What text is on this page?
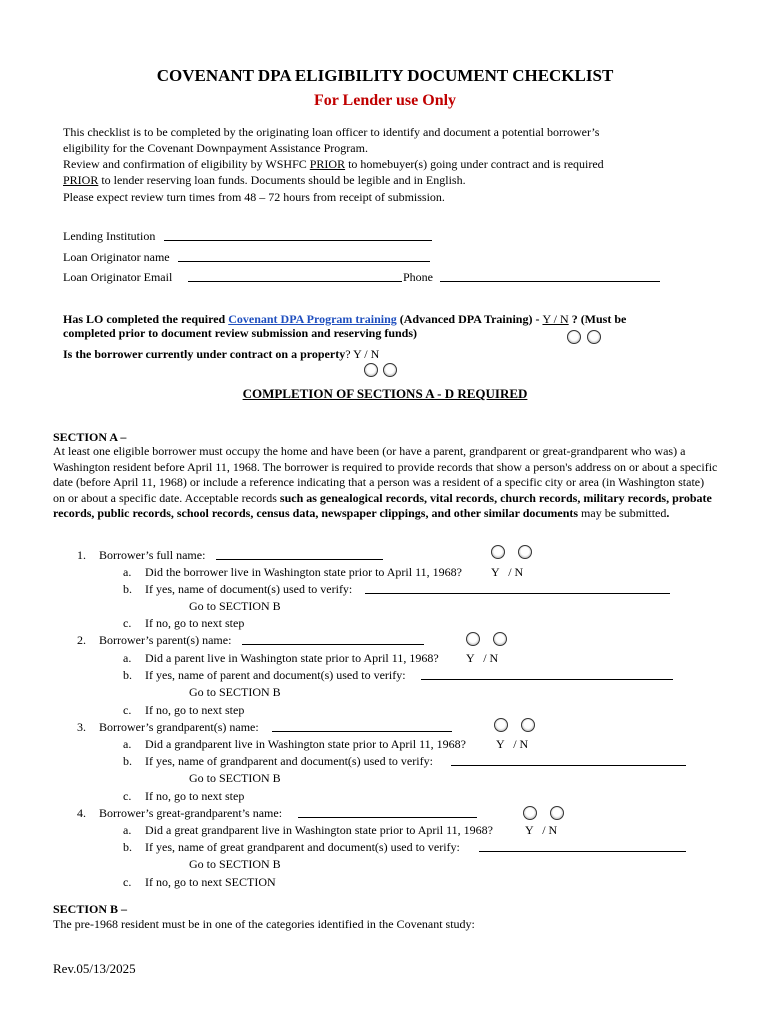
COVENANT DPA ELIGIBILITY DOCUMENT CHECKLIST
For Lender use Only
This checklist is to be completed by the originating loan officer to identify and document a potential borrower’s
eligibility for the Covenant Downpayment Assistance Program.
Review and confirmation of eligibility by WSHFC PRIOR to homebuyer(s) going under contract and is required
PRIOR to lender reserving loan funds. Documents should be legible and in English.
Please expect review turn times from 48 – 72 hours from receipt of submission.
Lending Institution
Loan Originator name
Loan Originator Email	Phone
Has LO completed the required Covenant DPA Program training (Advanced DPA Training) - Y / N ? (Must be
completed prior to document review submission and reserving funds)
Is the borrower currently under contract on a property? Y / N
COMPLETION OF SECTIONS A - D REQUIRED
SECTION A –
At least one eligible borrower must occupy the home and have been (or have a parent, grandparent or great-grandparent who was) a Washington resident before April 11, 1968. The borrower is required to provide records that show a person's address on or about a specific date (before April 11, 1968) or include a reference indicating that a person was a resident of a specific city or area (in Washington state) on or about a specific date. Acceptable records such as genealogical records, vital records, church records, military records, probate records, public records, school records, census data, newspaper clippings, and other similar documents may be submitted.
1. Borrower’s full name:
a. Did the borrower live in Washington state prior to April 11, 1968? Y   / N
b. If yes, name of document(s) used to verify:
Go to SECTION B
c. If no, go to next step
2. Borrower’s parent(s) name:
a. Did a parent live in Washington state prior to April 11, 1968? Y   / N
b. If yes, name of parent and document(s) used to verify:
Go to SECTION B
c. If no, go to next step
3. Borrower’s grandparent(s) name:
a. Did a grandparent live in Washington state prior to April 11, 1968?	Y   / N
b. If yes, name of grandparent and document(s) used to verify:
Go to SECTION B
c. If no, go to next step
4. Borrower’s great-grandparent’s name:
a. Did a great grandparent live in Washington state prior to April 11, 1968?	Y   / N
b. If yes, name of great grandparent and document(s) used to verify:
Go to SECTION B
c. If no, go to next SECTION
SECTION B –
The pre-1968 resident must be in one of the categories identified in the Covenant study:
Rev.05/13/2025
